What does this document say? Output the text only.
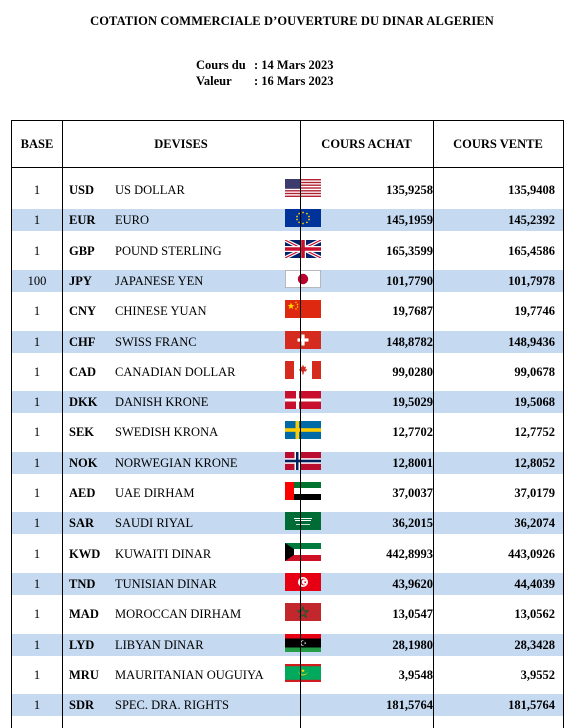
COTATION COMMERCIALE D’OUVERTURE DU DINAR ALGERIEN
Cours du : 14 Mars 2023
Valeur : 16 Mars 2023
BASE	DEVISES	COURS ACHAT	COURS VENTE
1	USD US DOLLAR	135,9258	135,9408
1	EUR EURO	145,1959	145,2392
1	GBP POUND STERLING	165,3599	165,4586
100	JPY JAPANESE YEN	101,7790	101,7978
1	CNY CHINESE YUAN	19,7687	19,7746
1	CHF SWISS FRANC	148,8782	148,9436
1	CAD CANADIAN DOLLAR	99,0280	99,0678
1	DKK DANISH KRONE	19,5029	19,5068
1	SEK SWEDISH KRONA	12,7702	12,7752
1	NOK NORWEGIAN KRONE	12,8001	12,8052
1	AED UAE DIRHAM	37,0037	37,0179
1	SAR SAUDI RIYAL	36,2015	36,2074
1	KWD KUWAITI DINAR	442,8993	443,0926
1	TND TUNISIAN DINAR	43,9620	44,4039
1	MAD MOROCCAN DIRHAM	13,0547	13,0562
1	LYD LIBYAN DINAR	28,1980	28,3428
1	MRU MAURITANIAN OUGUIYA	3,9548	3,9552
1	SDR SPEC. DRA. RIGHTS	181,5764	181,5764
